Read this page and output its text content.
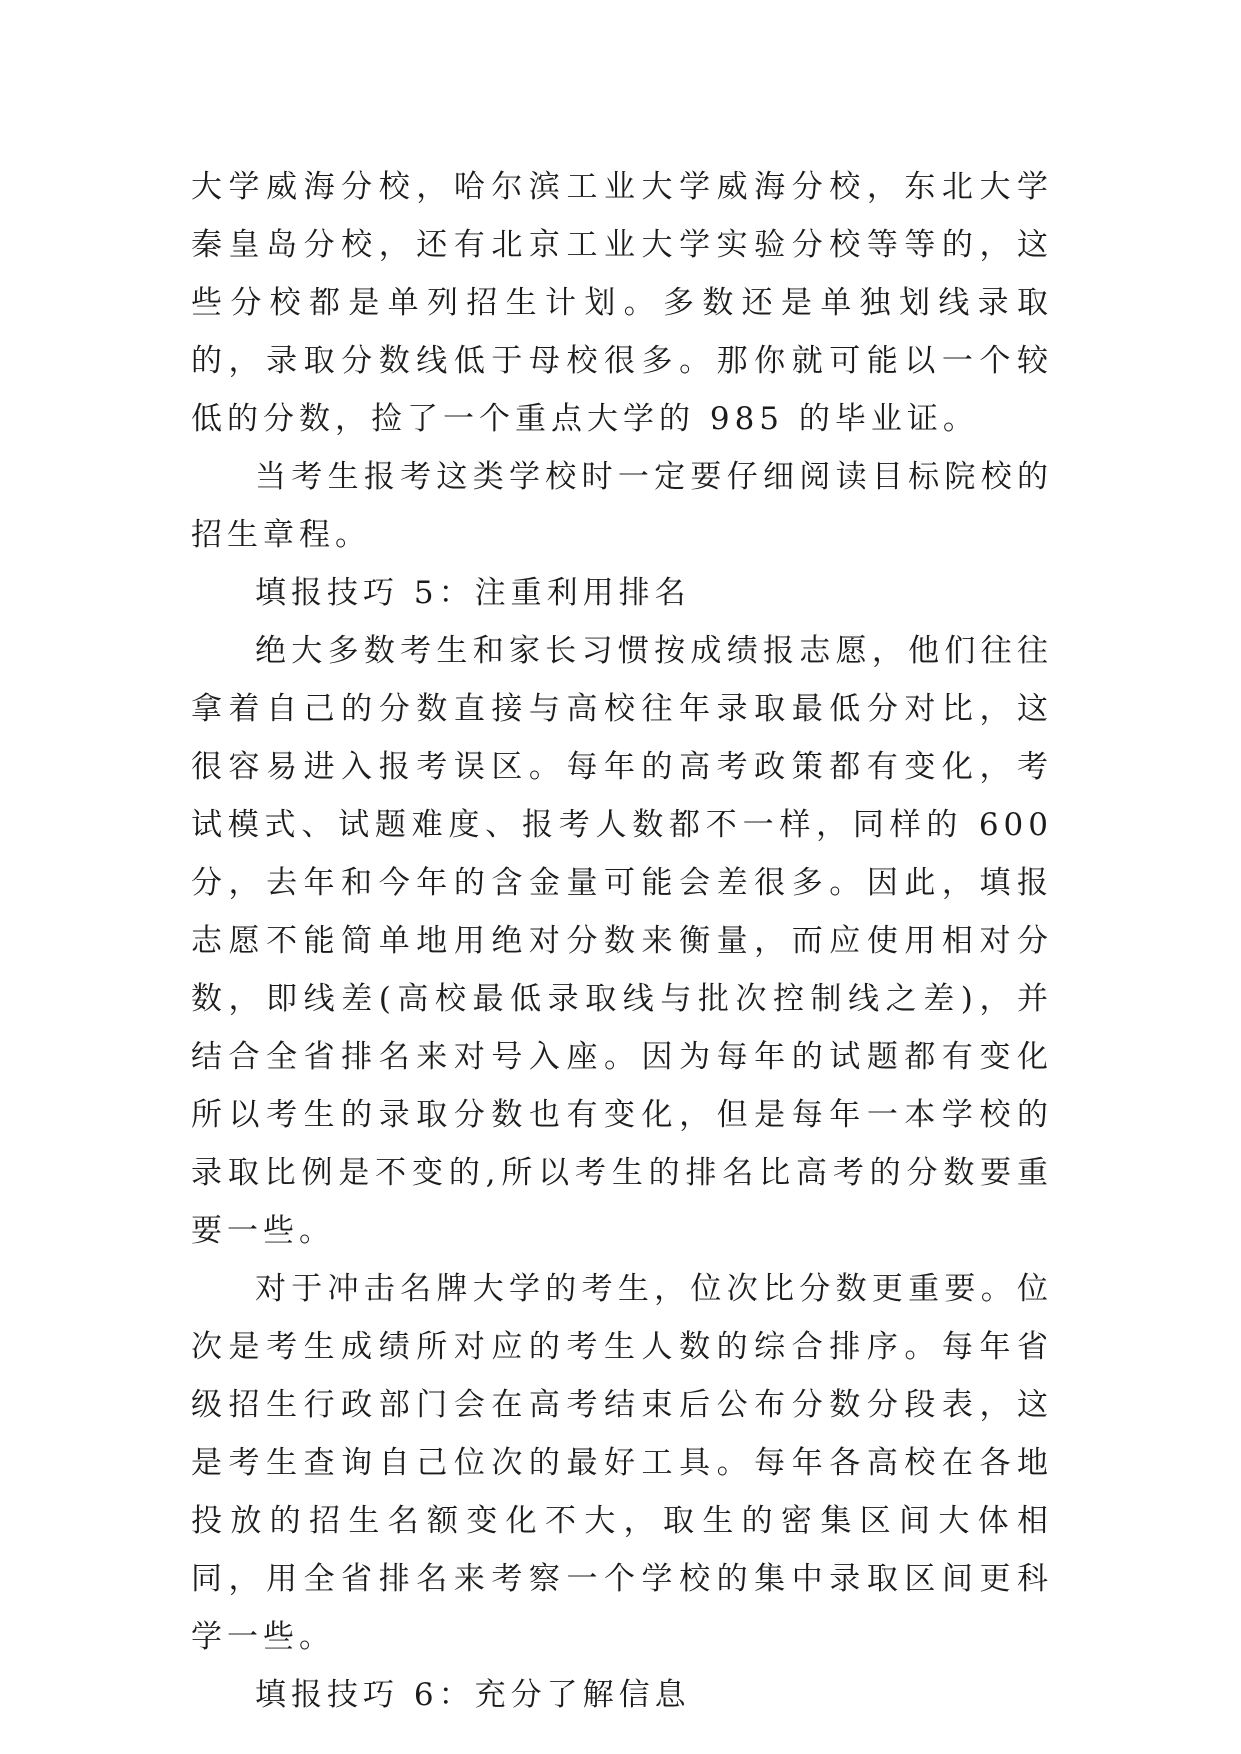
大学威海分校，哈尔滨工业大学威海分校，东北大学秦皇岛分校，还有北京工业大学实验分校等等的，这些分校都是单列招生计划。多数还是单独划线录取的，录取分数线低于母校很多。那你就可能以一个较低的分数，捡了一个重点大学的 985 的毕业证。

当考生报考这类学校时一定要仔细阅读目标院校的招生章程。

填报技巧 5：注重利用排名

绝大多数考生和家长习惯按成绩报志愿，他们往往拿着自己的分数直接与高校往年录取最低分对比，这很容易进入报考误区。每年的高考政策都有变化，考试模式、试题难度、报考人数都不一样，同样的 600 分，去年和今年的含金量可能会差很多。因此，填报志愿不能简单地用绝对分数来衡量，而应使用相对分数，即线差(高校最低录取线与批次控制线之差)，并结合全省排名来对号入座。因为每年的试题都有变化所以考生的录取分数也有变化，但是每年一本学校的录取比例是不变的,所以考生的排名比高考的分数要重要一些。

对于冲击名牌大学的考生，位次比分数更重要。位次是考生成绩所对应的考生人数的综合排序。每年省级招生行政部门会在高考结束后公布分数分段表，这是考生查询自己位次的最好工具。每年各高校在各地投放的招生名额变化不大，取生的密集区间大体相同，用全省排名来考察一个学校的集中录取区间更科学一些。

填报技巧 6：充分了解信息
